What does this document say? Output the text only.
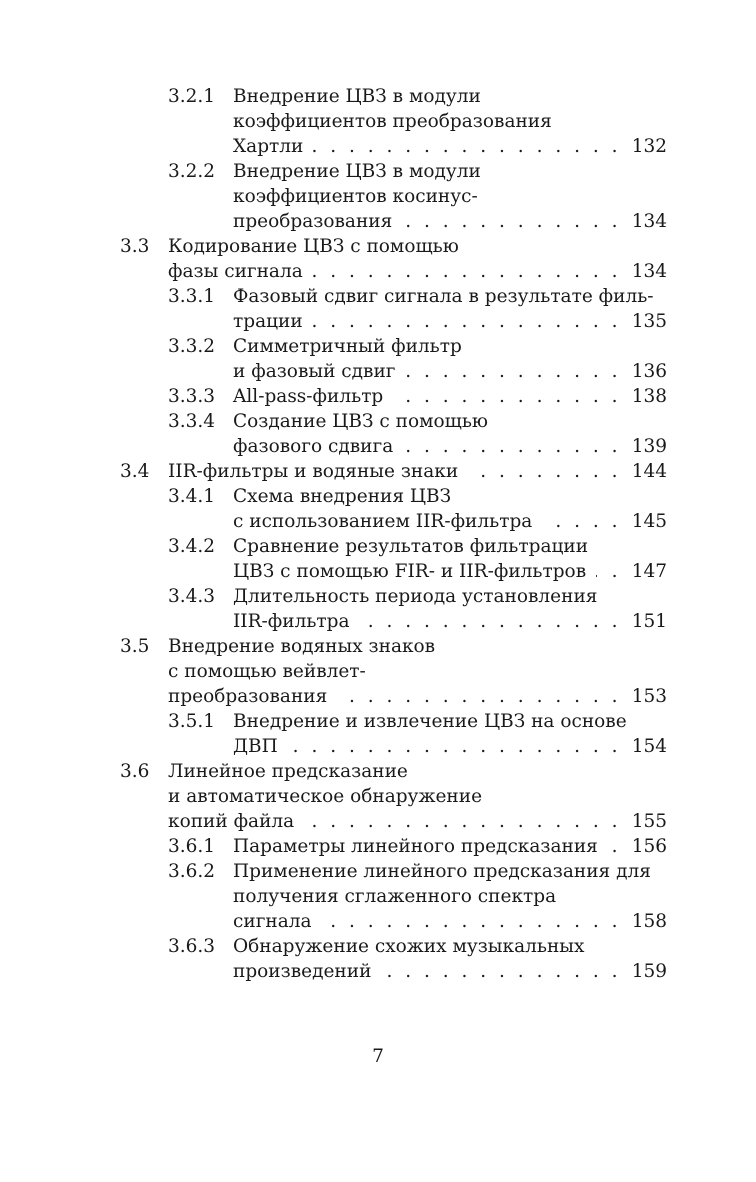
3.2.1 Внедрение ЦВЗ в модули
коэффициентов преобразования
Хартли . . .	132
3.2.2 Внедрение ЦВЗ в модули
коэффициентов косинус-
преобразования . . .	134
3.3 Кодирование ЦВЗ с помощью
фазы сигнала . . .	134
3.3.1 Фазовый сдвиг сигнала в результате филь-
трации . . .	135
3.3.2 Симметричный фильтр
и фазовый сдвиг . . .	136
3.3.3 All-pass-фильтр . . .	138
3.3.4 Создание ЦВЗ с помощью
фазового сдвига . . .	139
3.4 IIR-фильтры и водяные знаки . . .	144
3.4.1 Схема внедрения ЦВЗ
с использованием IIR-фильтра . . .	145
3.4.2 Сравнение результатов фильтрации
ЦВЗ с помощью FIR- и IIR-фильтров . . . 147
3.4.3 Длительность периода установления
IIR-фильтра . . .	151
3.5 Внедрение водяных знаков
с помощью вейвлет-
преобразования . . .	153
3.5.1 Внедрение и извлечение ЦВЗ на основе
ДВП . . .	154
3.6 Линейное предсказание
и автоматическое обнаружение
копий файла . . .	155
3.6.1 Параметры линейного предсказания . . . 156
3.6.2 Применение линейного предсказания для
получения сглаженного спектра
сигнала . . .	158
3.6.3 Обнаружение схожих музыкальных
произведений . . .	159
7
